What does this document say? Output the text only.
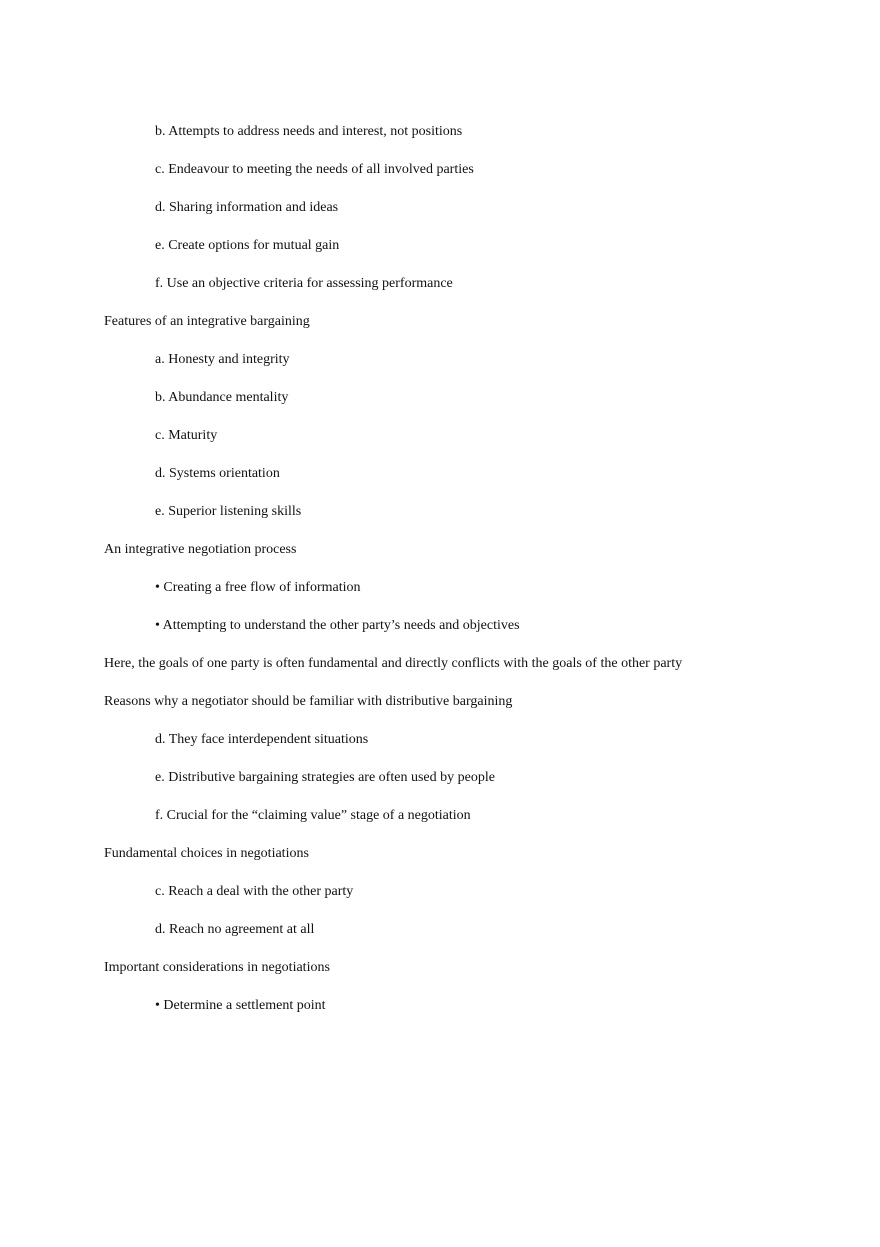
b. Attempts to address needs and interest, not positions
c. Endeavour to meeting the needs of all involved parties
d. Sharing information and ideas
e. Create options for mutual gain
f. Use an objective criteria for assessing performance
Features of an integrative bargaining
a. Honesty and integrity
b. Abundance mentality
c. Maturity
d. Systems orientation
e. Superior listening skills
An integrative negotiation process
• Creating a free flow of information
• Attempting to understand the other party’s needs and objectives
Here, the goals of one party is often fundamental and directly conflicts with the goals of the other party
Reasons why a negotiator should be familiar with distributive bargaining
d. They face interdependent situations
e. Distributive bargaining strategies are often used by people
f. Crucial for the “claiming value” stage of a negotiation
Fundamental choices in negotiations
c. Reach a deal with the other party
d. Reach no agreement at all
Important considerations in negotiations
• Determine a settlement point
